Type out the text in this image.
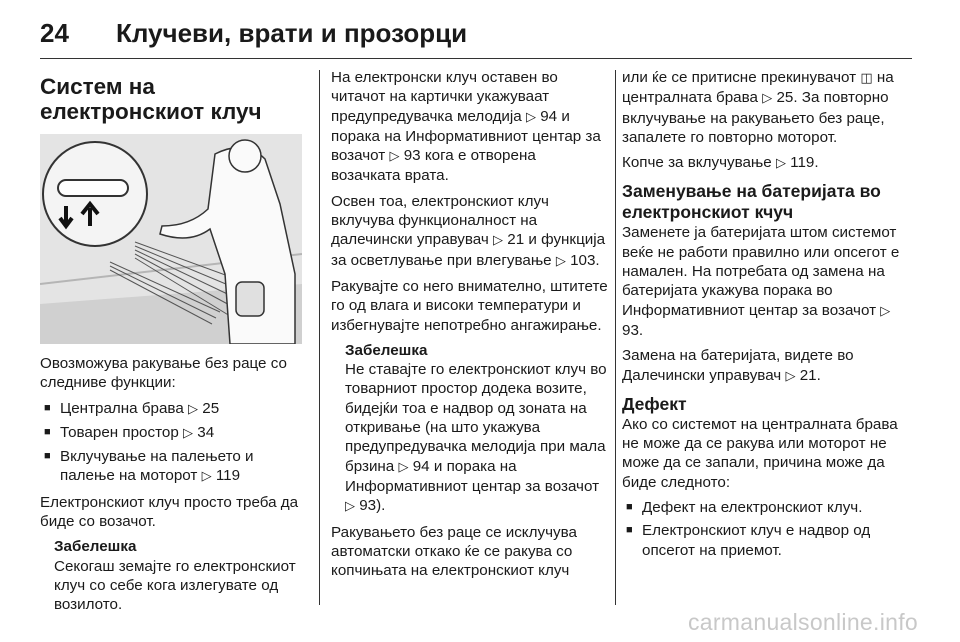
24 Клучеви, врати и прозорци
Систем на електронскиот клуч

Овозможува ракување без раце со следниве функции:

■ Централна брава ▷ 25
■ Товарен простор ▷ 34
■ Вклучување на палењето и палење на моторот ▷ 119

Електронскиот клуч просто треба да биде со возачот.

Забелешка
Секогаш земајте го електронскиот клуч со себе кога излегувате од возилото.

На електронски клуч оставен во читачот на картички укажуваат предупредувачка мелодија ▷ 94 и порака на Информативниот центар за возачот ▷ 93 кога е отворена возачката врата.

Освен тоа, електронскиот клуч вклучува функционалност на далечински управувач ▷ 21 и функција за осветлување при влегување ▷ 103.

Ракувајте со него внимателно, штитете го од влага и високи температури и избегнувајте непотребно ангажирање.

Забелешка
Не ставајте го електронскиот клуч во товарниот простор додека возите, бидејќи тоа е надвор од зоната на откривање (на што укажува предупредувачка мелодија при мала брзина ▷ 94 и порака на Информативниот центар за возачот ▷ 93).

Ракувањето без раце се исклучува автоматски откако ќе се ракува со копчињата на електронскиот клуч

или ќе се притисне прекинувачот ◫ на централната брава ▷ 25. За повторно вклучување на ракувањето без раце, запалете го повторно моторот.

Копче за вклучување ▷ 119.

Заменување на батеријата во електронскиот кчуч

Заменете ја батеријата штом системот веќе не работи правилно или опсегот е намален. На потребата од замена на батеријата укажува порака во Информативниот центар за возачот ▷ 93.

Замена на батеријата, видете во Далечински управувач ▷ 21.

Дефект

Ако со системот на централната брава не може да се ракува или моторот не може да се запали, причина може да биде следното:

■ Дефект на електронскиот клуч.
■ Електронскиот клуч е надвор од опсегот на приемот.
carmanualsonline.info
